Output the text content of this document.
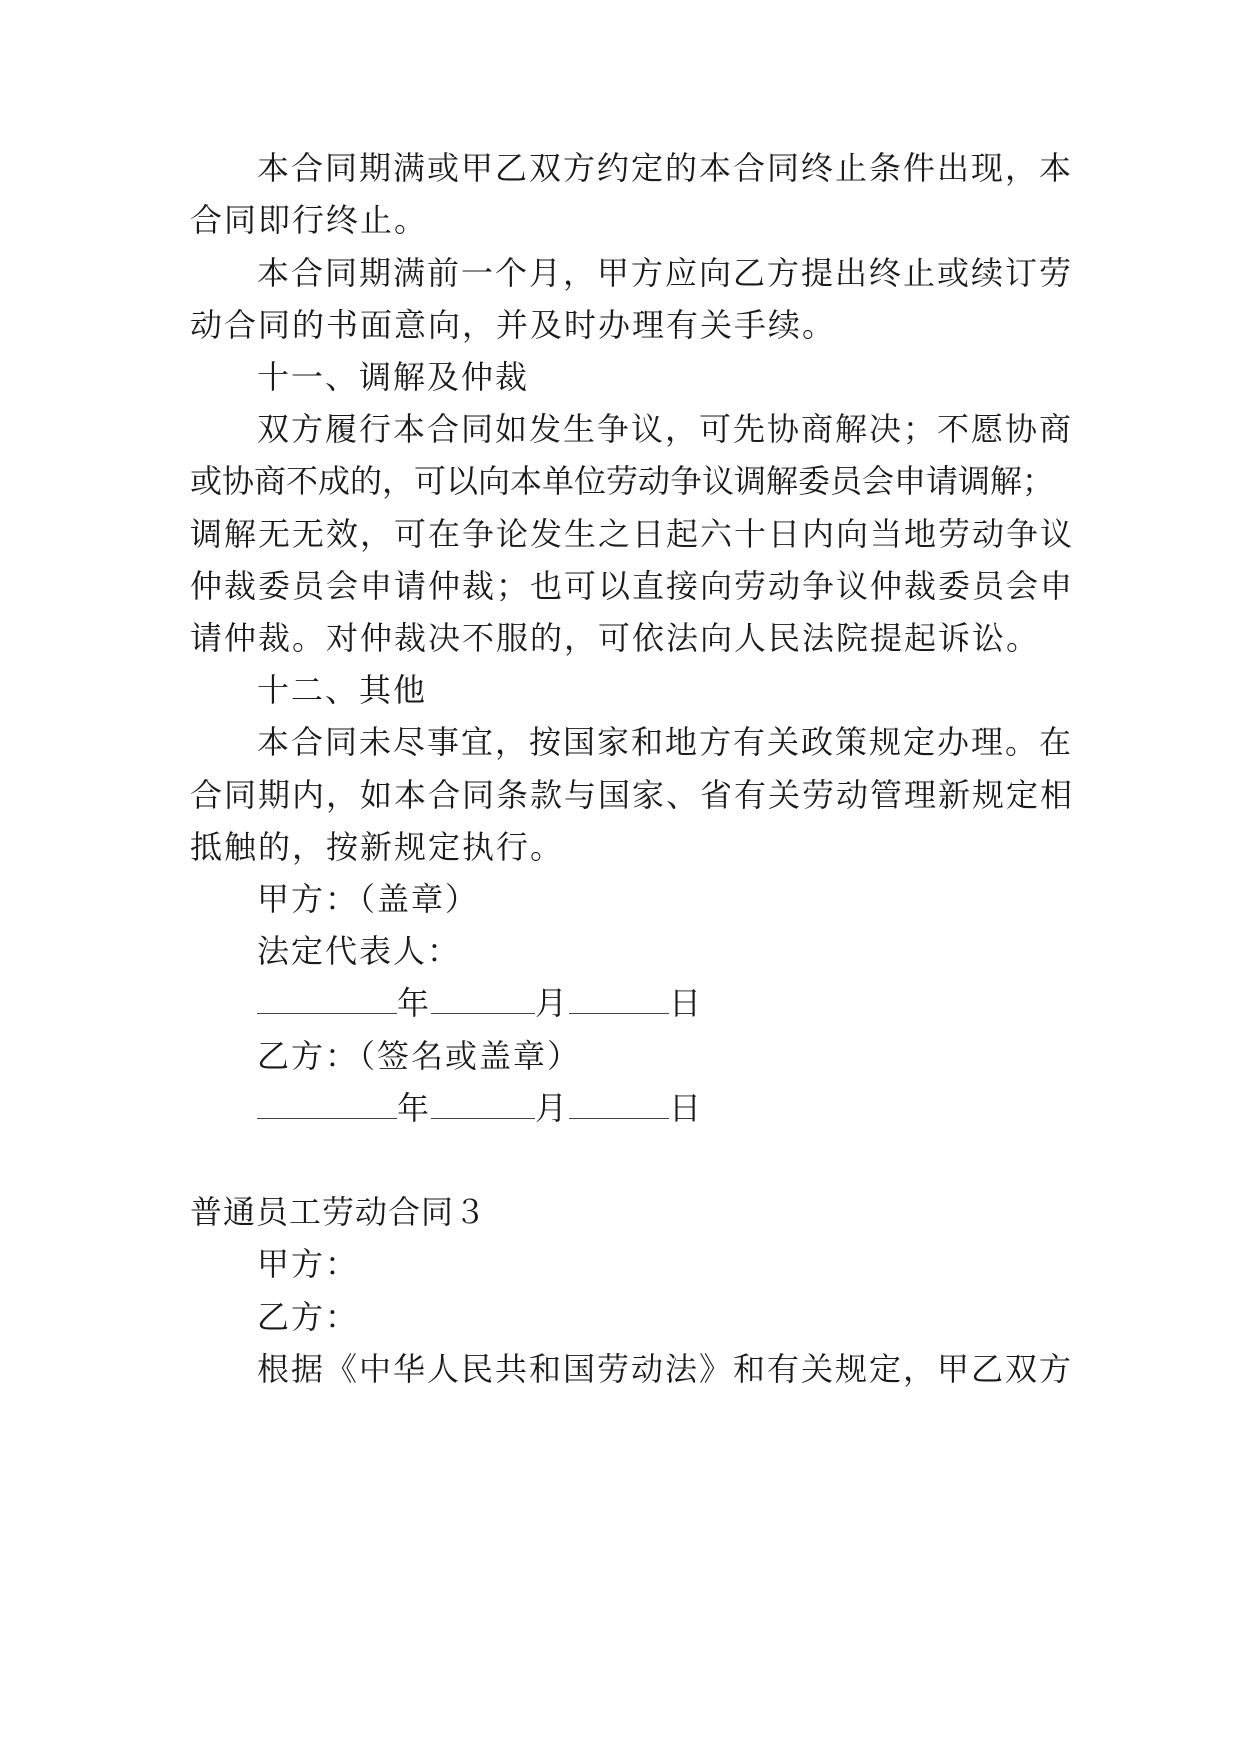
本合同期满或甲乙双方约定的本合同终止条件出现，本
合同即行终止。
本合同期满前一个月，甲方应向乙方提出终止或续订劳
动合同的书面意向，并及时办理有关手续。
十一、调解及仲裁
双方履行本合同如发生争议，可先协商解决；不愿协商
或协商不成的，可以向本单位劳动争议调解委员会申请调解；
调解无无效，可在争论发生之日起六十日内向当地劳动争议
仲裁委员会申请仲裁；也可以直接向劳动争议仲裁委员会申
请仲裁。对仲裁决不服的，可依法向人民法院提起诉讼。
十二、其他
本合同未尽事宜，按国家和地方有关政策规定办理。在
合同期内，如本合同条款与国家、省有关劳动管理新规定相
抵触的，按新规定执行。
甲方：（盖章）
法定代表人：
年	月	日
乙方：（签名或盖章）
年	月	日
普通员工劳动合同３
甲方：
乙方：
根据《中华人民共和国劳动法》和有关规定，甲乙双方
